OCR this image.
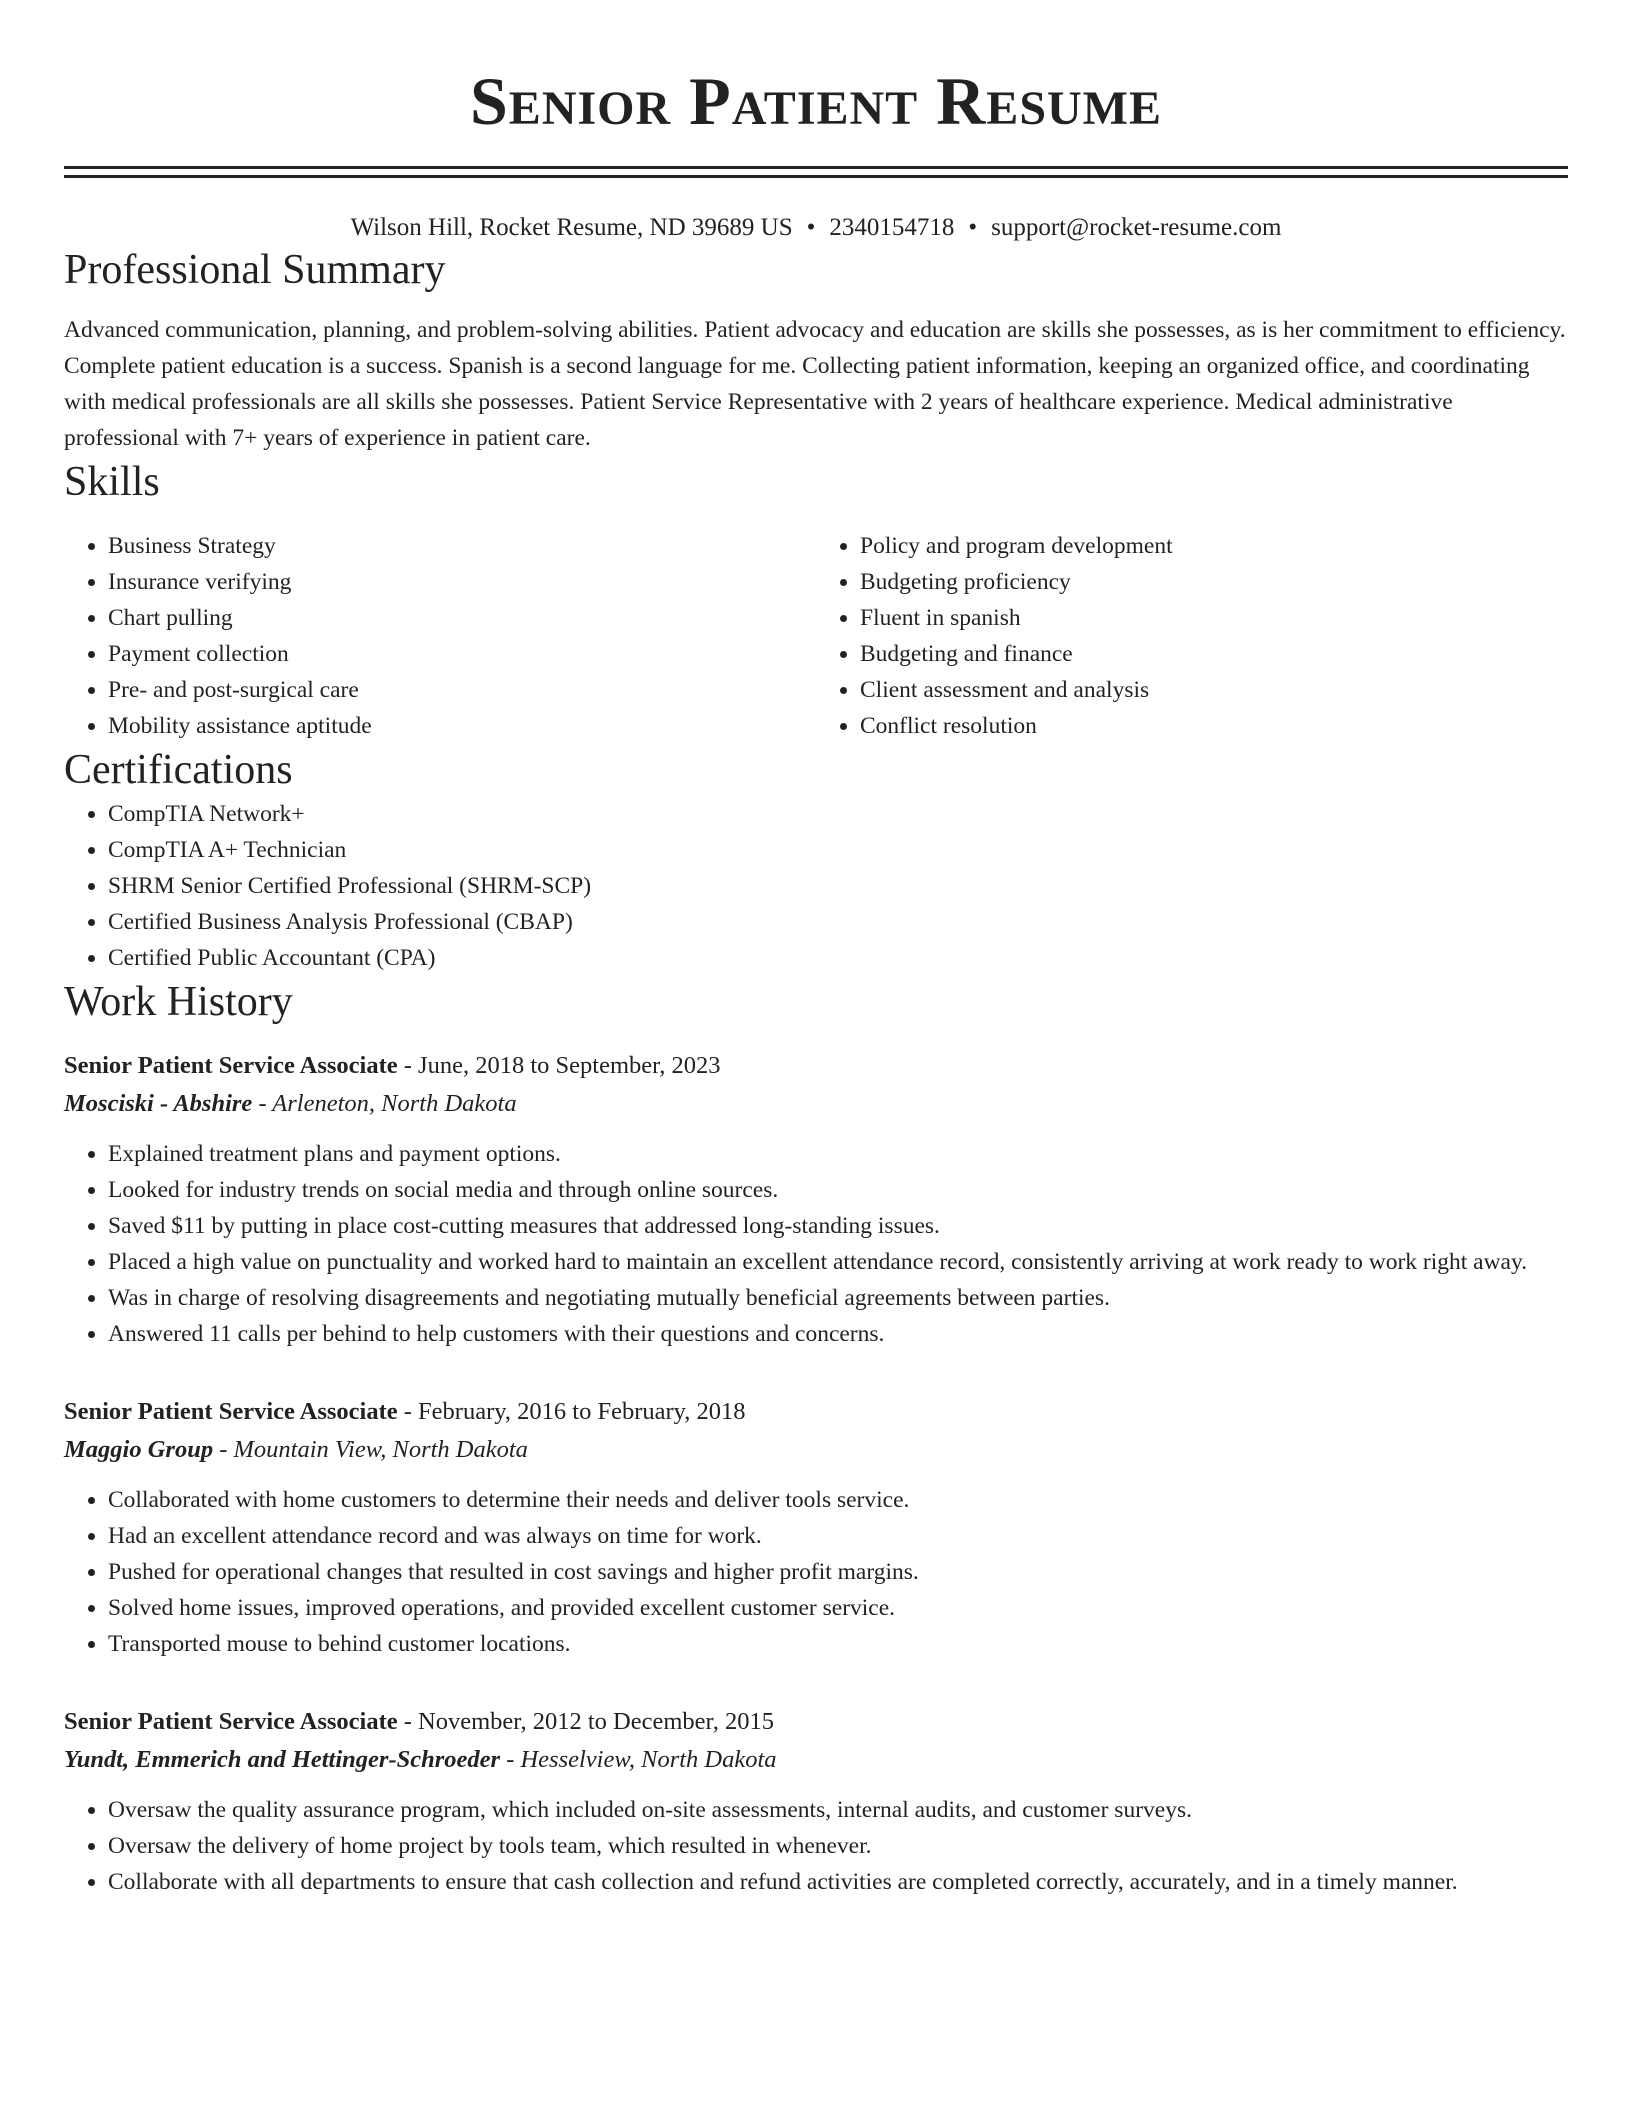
Senior Patient Resume
Wilson Hill, Rocket Resume, ND 39689 US • 2340154718 • support@rocket-resume.com
Professional Summary
Advanced communication, planning, and problem-solving abilities. Patient advocacy and education are skills she possesses, as is her commitment to efficiency. Complete patient education is a success. Spanish is a second language for me. Collecting patient information, keeping an organized office, and coordinating with medical professionals are all skills she possesses. Patient Service Representative with 2 years of healthcare experience. Medical administrative professional with 7+ years of experience in patient care.
Skills
• Business Strategy
• Insurance verifying
• Chart pulling
• Payment collection
• Pre- and post-surgical care
• Mobility assistance aptitude
• Policy and program development
• Budgeting proficiency
• Fluent in spanish
• Budgeting and finance
• Client assessment and analysis
• Conflict resolution
Certifications
• CompTIA Network+
• CompTIA A+ Technician
• SHRM Senior Certified Professional (SHRM-SCP)
• Certified Business Analysis Professional (CBAP)
• Certified Public Accountant (CPA)
Work History
Senior Patient Service Associate - June, 2018 to September, 2023
Mosciski - Abshire - Arleneton, North Dakota
• Explained treatment plans and payment options.
• Looked for industry trends on social media and through online sources.
• Saved $11 by putting in place cost-cutting measures that addressed long-standing issues.
• Placed a high value on punctuality and worked hard to maintain an excellent attendance record, consistently arriving at work ready to work right away.
• Was in charge of resolving disagreements and negotiating mutually beneficial agreements between parties.
• Answered 11 calls per behind to help customers with their questions and concerns.
Senior Patient Service Associate - February, 2016 to February, 2018
Maggio Group - Mountain View, North Dakota
• Collaborated with home customers to determine their needs and deliver tools service.
• Had an excellent attendance record and was always on time for work.
• Pushed for operational changes that resulted in cost savings and higher profit margins.
• Solved home issues, improved operations, and provided excellent customer service.
• Transported mouse to behind customer locations.
Senior Patient Service Associate - November, 2012 to December, 2015
Yundt, Emmerich and Hettinger-Schroeder - Hesselview, North Dakota
• Oversaw the quality assurance program, which included on-site assessments, internal audits, and customer surveys.
• Oversaw the delivery of home project by tools team, which resulted in whenever.
• Collaborate with all departments to ensure that cash collection and refund activities are completed correctly, accurately, and in a timely manner.
